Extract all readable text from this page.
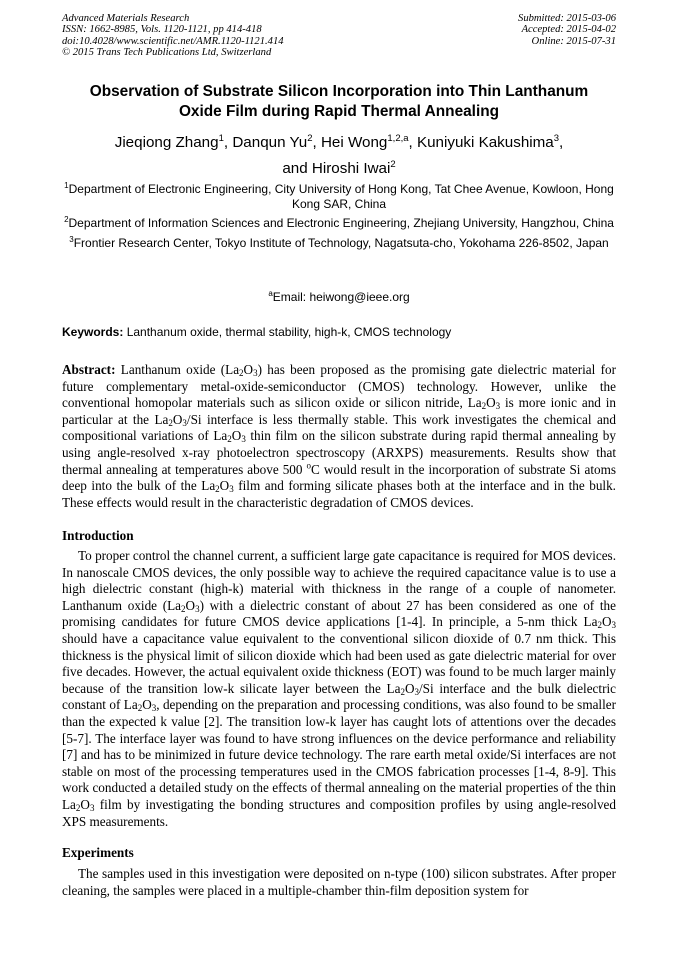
Advanced Materials Research
ISSN: 1662-8985, Vols. 1120-1121, pp 414-418
doi:10.4028/www.scientific.net/AMR.1120-1121.414
© 2015 Trans Tech Publications Ltd, Switzerland
Submitted: 2015-03-06
Accepted: 2015-04-02
Online: 2015-07-31
Observation of Substrate Silicon Incorporation into Thin Lanthanum
Oxide Film during Rapid Thermal Annealing
Jieqiong Zhang$^1$, Danqun Yu$^2$, Hei Wong$^{1,2,a}$, Kuniyuki Kakushima$^3$,
and Hiroshi Iwai$^2$
$^1$Department of Electronic Engineering, City University of Hong Kong, Tat Chee Avenue, Kowloon, Hong Kong SAR, China
$^2$Department of Information Sciences and Electronic Engineering, Zhejiang University, Hangzhou, China
$^3$Frontier Research Center, Tokyo Institute of Technology, Nagatsuta-cho, Yokohama 226-8502, Japan
$^a$Email: heiwong@ieee.org
Keywords: Lanthanum oxide, thermal stability, high-k, CMOS technology
Abstract: Lanthanum oxide $(La_2O_3)$ has been proposed as the promising gate dielectric material for future complementary metal-oxide-semiconductor (CMOS) technology. However, unlike the conventional homopolar materials such as silicon oxide or silicon nitride, $La_2O_3$ is more ionic and in particular at the $La_2O_3/Si$ interface is less thermally stable. This work investigates the chemical and compositional variations of $La_2O_3$ thin film on the silicon substrate during rapid thermal annealing by using angle-resolved x-ray photoelectron spectroscopy (ARXPS) measurements. Results show that thermal annealing at temperatures above 500 $^o$C would result in the incorporation of substrate Si atoms deep into the bulk of the $La_2O_3$ film and forming silicate phases both at the interface and in the bulk. These effects would result in the characteristic degradation of CMOS devices.
Introduction
To proper control the channel current, a sufficient large gate capacitance is required for MOS devices. In nanoscale CMOS devices, the only possible way to achieve the required capacitance value is to use a high dielectric constant (high-k) material with thickness in the range of a couple of nanometer. Lanthanum oxide $(La_2O_3)$ with a dielectric constant of about 27 has been considered as one of the promising candidates for future CMOS device applications [1-4]. In principle, a 5-nm thick $La_2O_3$ should have a capacitance value equivalent to the conventional silicon dioxide of 0.7 nm thick. This thickness is the physical limit of silicon dioxide which had been used as gate dielectric material for over five decades. However, the actual equivalent oxide thickness (EOT) was found to be much larger mainly because of the transition low-k silicate layer between the $La_2O_3/Si$ interface and the bulk dielectric constant of $La_2O_3$, depending on the preparation and processing conditions, was also found to be smaller than the expected k value [2]. The transition low-k layer has caught lots of attentions over the decades [5-7]. The interface layer was found to have strong influences on the device performance and reliability [7] and has to be minimized in future device technology. The rare earth metal oxide/Si interfaces are not stable on most of the processing temperatures used in the CMOS fabrication processes [1-4, 8-9]. This work conducted a detailed study on the effects of thermal annealing on the material properties of the thin $La_2O_3$ film by investigating the bonding structures and composition profiles by using angle-resolved XPS measurements.
Experiments
The samples used in this investigation were deposited on n-type (100) silicon substrates. After proper cleaning, the samples were placed in a multiple-chamber thin-film deposition system for
